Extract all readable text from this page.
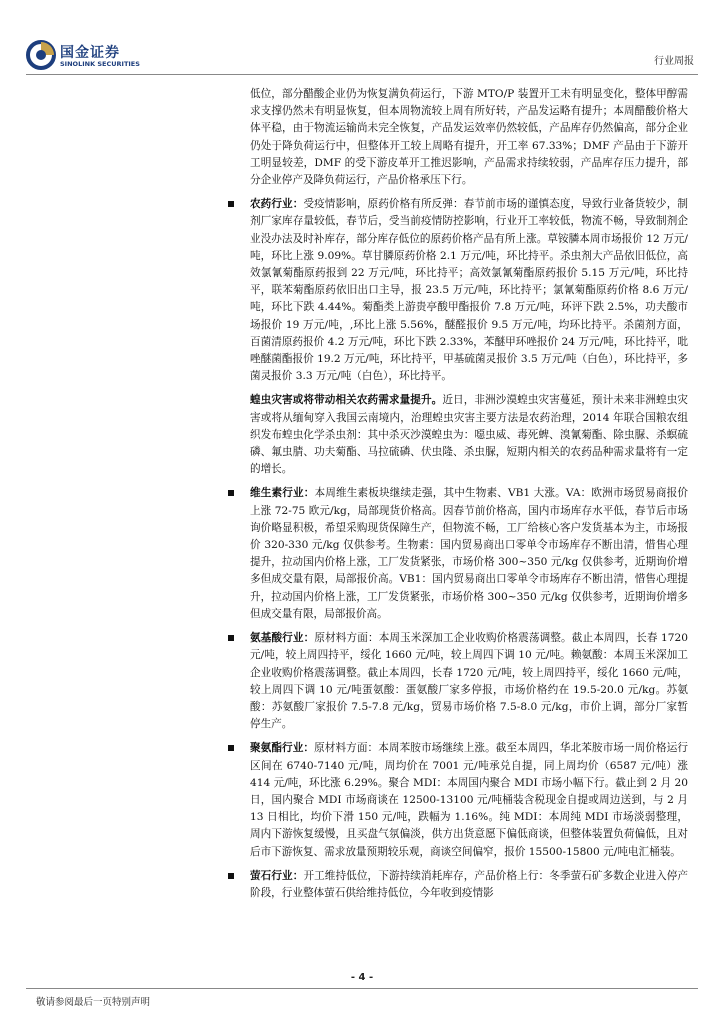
国金证券
SINOLINK SECURITIES	行业周报

低位，部分醋酸企业仍为恢复满负荷运行，下游 MTO/P 装置开工未有明显变化，整体甲醇需求支撑仍然未有明显恢复，但本周物流较上周有所好转，产品发运略有提升；本周醋酸价格大体平稳，由于物流运输尚未完全恢复，产品发运效率仍然较低，产品库存仍然偏高，部分企业仍处于降负荷运行中，但整体开工较上周略有提升，开工率 67.33%；DMF 产品由于下游开工明显较差，DMF 的受下游皮革开工推迟影响，产品需求持续较弱，产品库存压力提升，部分企业停产及降负荷运行，产品价格承压下行。

农药行业：受疫情影响，原药价格有所反弹：春节前市场的谨慎态度，导致行业备货较少，制剂厂家库存量较低，春节后，受当前疫情防控影响，行业开工率较低，物流不畅，导致制剂企业没办法及时补库存，部分库存低位的原药价格产品有所上涨。草铵膦本周市场报价 12 万元/吨，环比上涨 9.09%。草甘膦原药价格 2.1 万元/吨，环比持平。杀虫剂大产品依旧低位，高效氯氰菊酯原药报到 22 万元/吨，环比持平；高效氯氰菊酯原药报价 5.15 万元/吨，环比持平，联苯菊酯原药依旧出口主导，报 23.5 万元/吨，环比持平；氯氰菊酯原药价格 8.6 万元/吨，环比下跌 4.44%。菊酯类上游贵亭酸甲酯报价 7.8 万元/吨，环评下跌 2.5%，功夫酸市场报价 19 万元/吨，,环比上涨 5.56%，醚醛报价 9.5 万元/吨，均环比持平。杀菌剂方面，百菌清原药报价 4.2 万元/吨，环比下跌 2.33%，苯醚甲环唑报价 24 万元/吨，环比持平，吡唑醚菌酯报价 19.2 万元/吨，环比持平，甲基硫菌灵报价 3.5 万元/吨（白色），环比持平，多菌灵报价 3.3 万元/吨（白色），环比持平。

蝗虫灾害或将带动相关农药需求量提升。近日，非洲沙漠蝗虫灾害蔓延，预计未来非洲蝗虫灾害或将从缅甸穿入我国云南境内，治理蝗虫灾害主要方法是农药治理，2014 年联合国粮农组织发布蝗虫化学杀虫剂：其中杀灭沙漠蝗虫为：噁虫威、毒死蜱、溴氰菊酯、除虫脲、杀螟硫磷、氟虫腈、功夫菊酯、马拉硫磷、伏虫隆、杀虫脲，短期内相关的农药品种需求量将有一定的增长。

维生素行业：本周维生素板块继续走强，其中生物素、VB1 大涨。VA：欧洲市场贸易商报价上涨 72-75 欧元/kg，局部现货价格高。因春节前价格高，国内市场库存水平低，春节后市场询价略显积极，希望采购现货保障生产，但物流不畅，工厂给核心客户发货基本为主，市场报价 320-330 元/kg 仅供参考。生物素：国内贸易商出口零单令市场库存不断出清，惜售心理提升，拉动国内价格上涨，工厂发货紧张，市场价格 300~350 元/kg 仅供参考，近期询价增多但成交量有限，局部报价高。VB1：国内贸易商出口零单令市场库存不断出清，惜售心理提升，拉动国内价格上涨，工厂发货紧张，市场价格 300~350 元/kg 仅供参考，近期询价增多但成交量有限，局部报价高。

氨基酸行业：原材料方面：本周玉米深加工企业收购价格震荡调整。截止本周四，长春 1720 元/吨，较上周四持平，绥化 1660 元/吨，较上周四下调 10 元/吨。赖氨酸：本周玉米深加工企业收购价格震荡调整。截止本周四，长春 1720 元/吨，较上周四持平，绥化 1660 元/吨，较上周四下调 10 元/吨蛋氨酸：蛋氨酸厂家多停报，市场价格约在 19.5-20.0 元/kg。苏氨酸：苏氨酸厂家报价 7.5-7.8 元/kg，贸易市场价格 7.5-8.0 元/kg，市价上调，部分厂家暂停生产。

聚氨酯行业：原材料方面：本周苯胺市场继续上涨。截至本周四，华北苯胺市场一周价格运行区间在 6740-7140 元/吨，周均价在 7001 元/吨承兑自提，同上周均价（6587 元/吨）涨 414 元/吨，环比涨 6.29%。聚合 MDI：本周国内聚合 MDI 市场小幅下行。截止到 2 月 20 日，国内聚合 MDI 市场商谈在 12500-13100 元/吨桶装含税现金自提或周边送到，与 2 月 13 日相比，均价下滑 150 元/吨，跌幅为 1.16%。纯 MDI：本周纯 MDI 市场淡弱整理，周内下游恢复缓慢，且买盘气氛偏淡，供方出货意愿下偏低商谈，但整体装置负荷偏低，且对后市下游恢复、需求放量预期较乐观，商谈空间偏窄，报价 15500-15800 元/吨电汇桶装。

萤石行业：开工维持低位，下游持续消耗库存，产品价格上行：冬季萤石矿多数企业进入停产阶段，行业整体萤石供给维持低位，今年收到疫情影

- 4 -
敬请参阅最后一页特别声明
